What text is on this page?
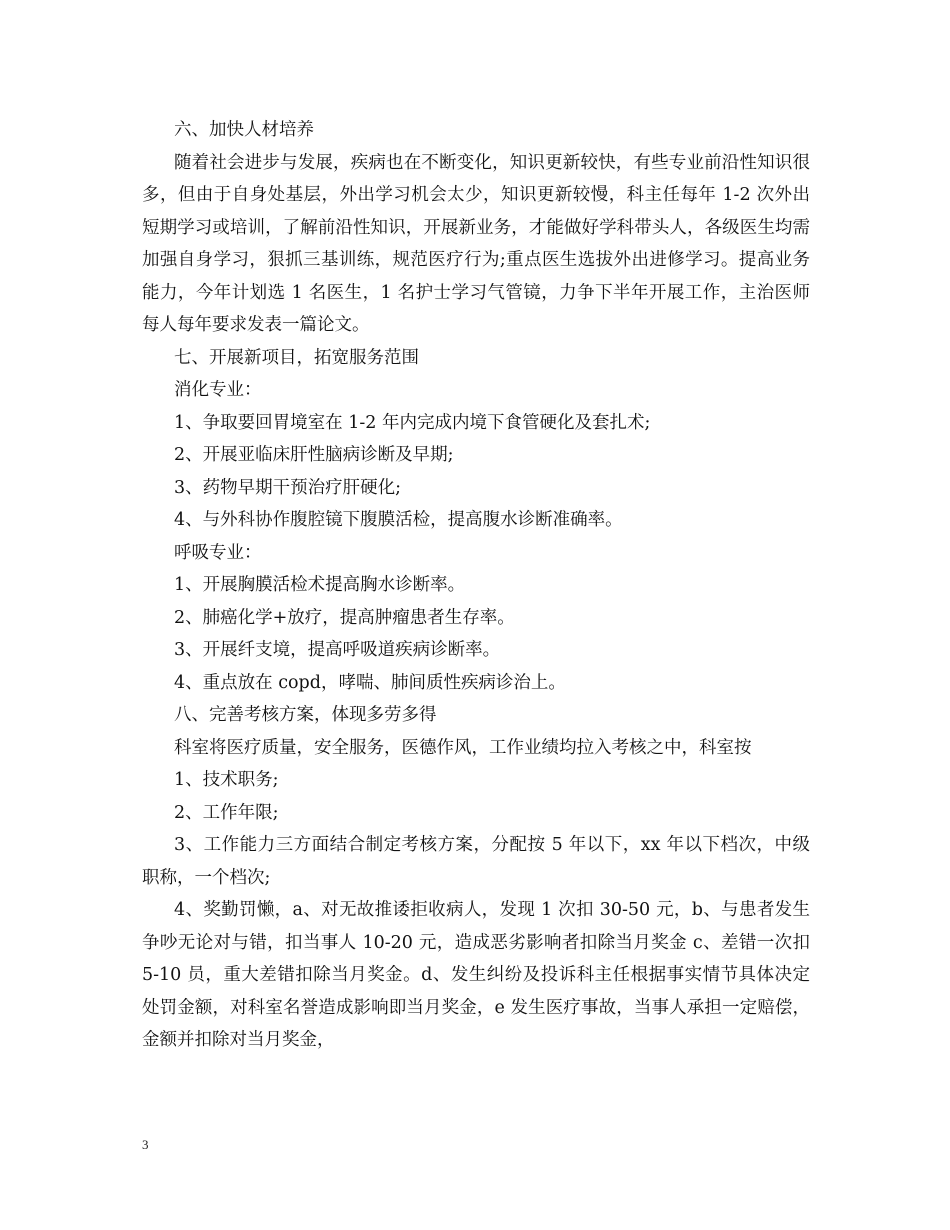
六、加快人材培养

随着社会进步与发展，疾病也在不断变化，知识更新较快，有些专业前沿性知识很多，但由于自身处基层，外出学习机会太少，知识更新较慢，科主任每年 1-2 次外出短期学习或培训，了解前沿性知识，开展新业务，才能做好学科带头人，各级医生均需加强自身学习，狠抓三基训练，规范医疗行为;重点医生选拔外出进修学习。提高业务能力，今年计划选 1 名医生，1 名护士学习气管镜，力争下半年开展工作，主治医师每人每年要求发表一篇论文。

七、开展新项目，拓宽服务范围

消化专业：

1、争取要回胃境室在 1-2 年内完成内境下食管硬化及套扎术;

2、开展亚临床肝性脑病诊断及早期;

3、药物早期干预治疗肝硬化;

4、与外科协作腹腔镜下腹膜活检，提高腹水诊断准确率。

呼吸专业：

1、开展胸膜活检术提高胸水诊断率。

2、肺癌化学+放疗，提高肿瘤患者生存率。

3、开展纤支境，提高呼吸道疾病诊断率。

4、重点放在 copd，哮喘、肺间质性疾病诊治上。

八、完善考核方案，体现多劳多得

科室将医疗质量，安全服务，医德作风，工作业绩均拉入考核之中，科室按

1、技术职务;

2、工作年限;

3、工作能力三方面结合制定考核方案，分配按 5 年以下，xx 年以下档次，中级职称，一个档次;

4、奖勤罚懒，a、对无故推诿拒收病人，发现 1 次扣 30-50 元，b、与患者发生争吵无论对与错，扣当事人 10-20 元，造成恶劣影响者扣除当月奖金 c、差错一次扣 5-10 员，重大差错扣除当月奖金。d、发生纠纷及投诉科主任根据事实情节具体决定处罚金额，对科室名誉造成影响即当月奖金，e 发生医疗事故，当事人承担一定赔偿，金额并扣除对当月奖金，

3
